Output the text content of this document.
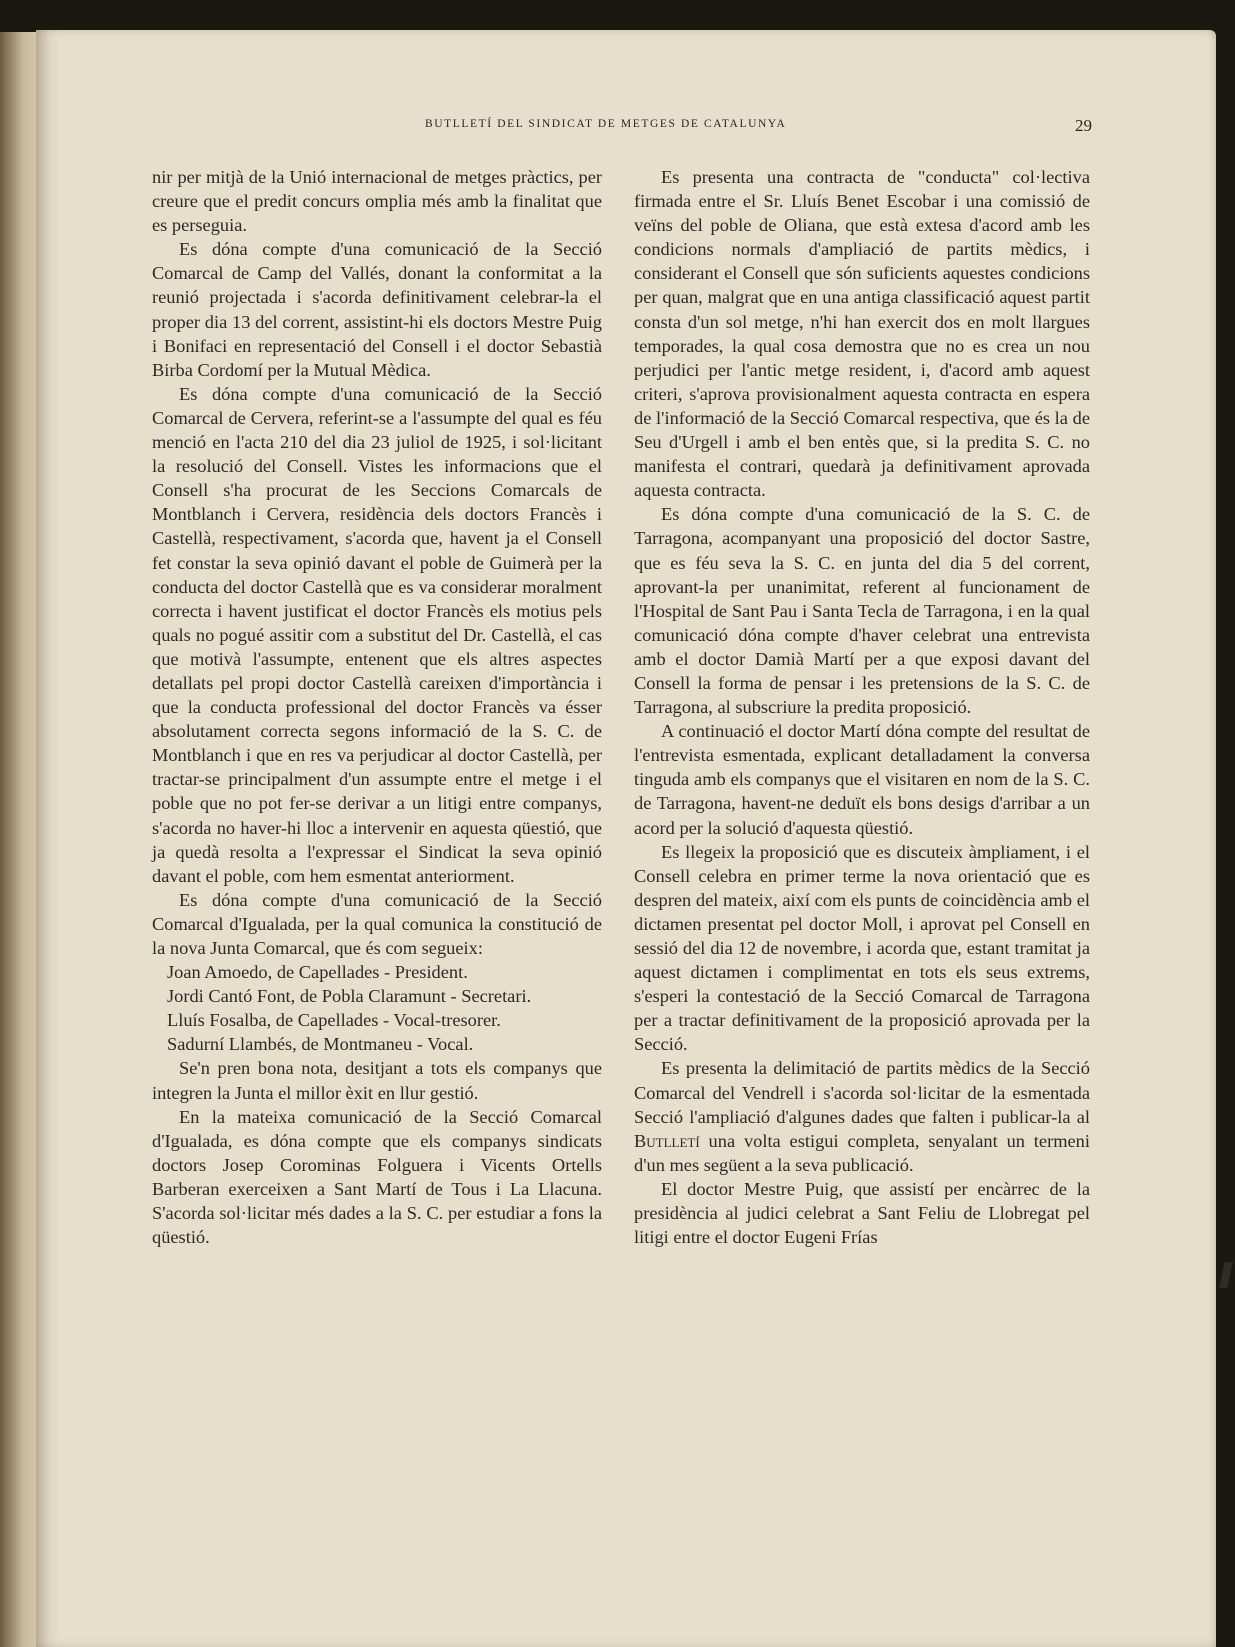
BUTLLETÍ DEL SINDICAT DE METGES DE CATALUNYA	29

nir per mitjà de la Unió internacional de metges pràctics, per creure que el predit concurs omplia més amb la finalitat que es perseguia.

Es dóna compte d'una comunicació de la Secció Comarcal de Camp del Vallés, donant la conformitat a la reunió projectada i s'acorda definitivament celebrar-la el proper dia 13 del corrent, assistint-hi els doctors Mestre Puig i Bonifaci en representació del Consell i el doctor Sebastià Birba Cordomí per la Mutual Mèdica.

Es dóna compte d'una comunicació de la Secció Comarcal de Cervera, referint-se a l'assumpte del qual es féu menció en l'acta 210 del dia 23 juliol de 1925, i sol·licitant la resolució del Consell. Vistes les informacions que el Consell s'ha procurat de les Seccions Comarcals de Montblanch i Cervera, residència dels doctors Francès i Castellà, respectivament, s'acorda que, havent ja el Consell fet constar la seva opinió davant el poble de Guimerà per la conducta del doctor Castellà que es va considerar moralment correcta i havent justificat el doctor Francès els motius pels quals no pogué assitir com a substitut del Dr. Castellà, el cas que motivà l'assumpte, entenent que els altres aspectes detallats pel propi doctor Castellà careixen d'importància i que la conducta professional del doctor Francès va ésser absolutament correcta segons informació de la S. C. de Montblanch i que en res va perjudicar al doctor Castellà, per tractar-se principalment d'un assumpte entre el metge i el poble que no pot fer-se derivar a un litigi entre companys, s'acorda no haver-hi lloc a intervenir en aquesta qüestió, que ja quedà resolta a l'expressar el Sindicat la seva opinió davant el poble, com hem esmentat anteriorment.

Es dóna compte d'una comunicació de la Secció Comarcal d'Igualada, per la qual comunica la constitució de la nova Junta Comarcal, que és com segueix:

Joan Amoedo, de Capellades - President.

Jordi Cantó Font, de Pobla Claramunt - Secretari.

Lluís Fosalba, de Capellades - Vocal-tresorer.

Sadurní Llambés, de Montmaneu - Vocal.

Se'n pren bona nota, desitjant a tots els companys que integren la Junta el millor èxit en llur gestió.

En la mateixa comunicació de la Secció Comarcal d'Igualada, es dóna compte que els companys sindicats doctors Josep Corominas Folguera i Vicents Ortells Barberan exerceixen a Sant Martí de Tous i La Llacuna. S'acorda sol·licitar més dades a la S. C. per estudiar a fons la qüestió.

Es presenta una contracta de "conducta" col·lectiva firmada entre el Sr. Lluís Benet Escobar i una comissió de veïns del poble de Oliana, que està extesa d'acord amb les condicions normals d'ampliació de partits mèdics, i considerant el Consell que són suficients aquestes condicions per quan, malgrat que en una antiga classificació aquest partit consta d'un sol metge, n'hi han exercit dos en molt llargues temporades, la qual cosa demostra que no es crea un nou perjudici per l'antic metge resident, i, d'acord amb aquest criteri, s'aprova provisionalment aquesta contracta en espera de l'informació de la Secció Comarcal respectiva, que és la de Seu d'Urgell i amb el ben entès que, si la predita S. C. no manifesta el contrari, quedarà ja definitivament aprovada aquesta contracta.

Es dóna compte d'una comunicació de la S. C. de Tarragona, acompanyant una proposició del doctor Sastre, que es féu seva la S. C. en junta del dia 5 del corrent, aprovant-la per unanimitat, referent al funcionament de l'Hospital de Sant Pau i Santa Tecla de Tarragona, i en la qual comunicació dóna compte d'haver celebrat una entrevista amb el doctor Damià Martí per a que exposi davant del Consell la forma de pensar i les pretensions de la S. C. de Tarragona, al subscriure la predita proposició.

A continuació el doctor Martí dóna compte del resultat de l'entrevista esmentada, explicant detalladament la conversa tinguda amb els companys que el visitaren en nom de la S. C. de Tarragona, havent-ne deduït els bons desigs d'arribar a un acord per la solució d'aquesta qüestió.

Es llegeix la proposició que es discuteix àmpliament, i el Consell celebra en primer terme la nova orientació que es despren del mateix, així com els punts de coincidència amb el dictamen presentat pel doctor Moll, i aprovat pel Consell en sessió del dia 12 de novembre, i acorda que, estant tramitat ja aquest dictamen i complimentat en tots els seus extrems, s'esperi la contestació de la Secció Comarcal de Tarragona per a tractar definitivament de la proposició aprovada per la Secció.

Es presenta la delimitació de partits mèdics de la Secció Comarcal del Vendrell i s'acorda sol·licitar de la esmentada Secció l'ampliació d'algunes dades que falten i publicar-la al Butlletí una volta estigui completa, senyalant un termeni d'un mes següent a la seva publicació.

El doctor Mestre Puig, que assistí per encàrrec de la presidència al judici celebrat a Sant Feliu de Llobregat pel litigi entre el doctor Eugeni Frías
